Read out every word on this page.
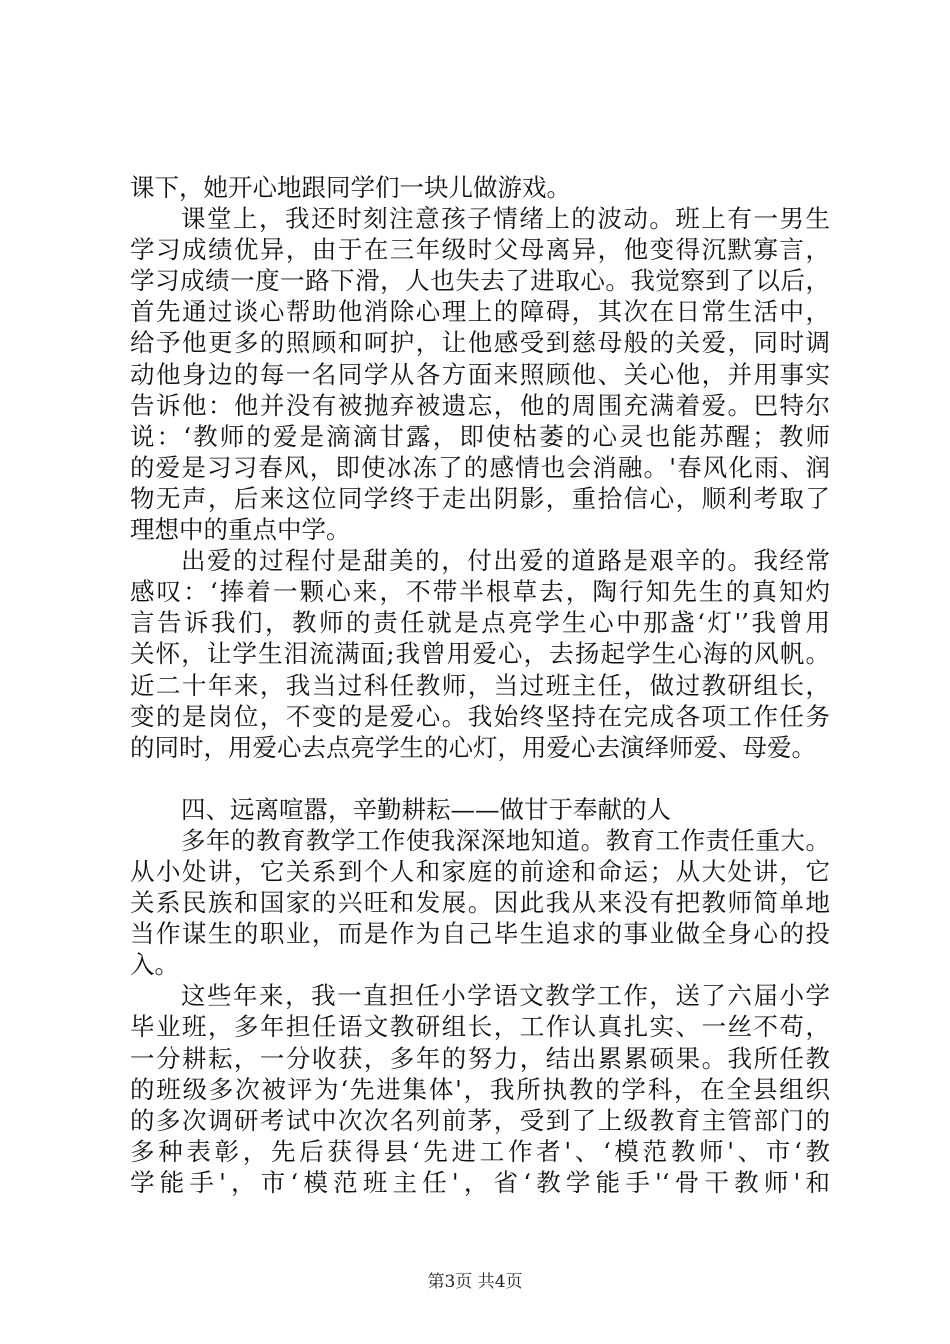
课下，她开心地跟同学们一块儿做游戏。
课堂上，我还时刻注意孩子情绪上的波动。班上有一男生
学习成绩优异，由于在三年级时父母离异，他变得沉默寡言，
学习成绩一度一路下滑，人也失去了进取心。我觉察到了以后，
首先通过谈心帮助他消除心理上的障碍，其次在日常生活中，
给予他更多的照顾和呵护，让他感受到慈母般的关爱，同时调
动他身边的每一名同学从各方面来照顾他、关心他，并用事实
告诉他：他并没有被抛弃被遗忘，他的周围充满着爱。巴特尔
说：‘教师的爱是滴滴甘露，即使枯萎的心灵也能苏醒；教师
的爱是习习春风，即使冰冻了的感情也会消融。'春风化雨、润
物无声，后来这位同学终于走出阴影，重拾信心，顺利考取了
理想中的重点中学。
出爱的过程付是甜美的，付出爱的道路是艰辛的。我经常
感叹：‘捧着一颗心来，不带半根草去，陶行知先生的真知灼
言告诉我们，教师的责任就是点亮学生心中那盏‘灯'’我曾用
关怀，让学生泪流满面;我曾用爱心，去扬起学生心海的风帆。
近二十年来，我当过科任教师，当过班主任，做过教研组长，
变的是岗位，不变的是爱心。我始终坚持在完成各项工作任务
的同时，用爱心去点亮学生的心灯，用爱心去演绎师爱、母爱。
四、远离喧嚣，辛勤耕耘——做甘于奉献的人
多年的教育教学工作使我深深地知道。教育工作责任重大。
从小处讲，它关系到个人和家庭的前途和命运；从大处讲，它
关系民族和国家的兴旺和发展。因此我从来没有把教师简单地
当作谋生的职业，而是作为自己毕生追求的事业做全身心的投
入。
这些年来，我一直担任小学语文教学工作，送了六届小学
毕业班，多年担任语文教研组长，工作认真扎实、一丝不苟，
一分耕耘，一分收获，多年的努力，结出累累硕果。我所任教
的班级多次被评为‘先进集体'，我所执教的学科，在全县组织
的多次调研考试中次次名列前茅，受到了上级教育主管部门的
多种表彰，先后获得县‘先进工作者'、‘模范教师'、市‘教
学能手'，市‘模范班主任'，省‘教学能手'‘骨干教师'和
第3页 共4页
